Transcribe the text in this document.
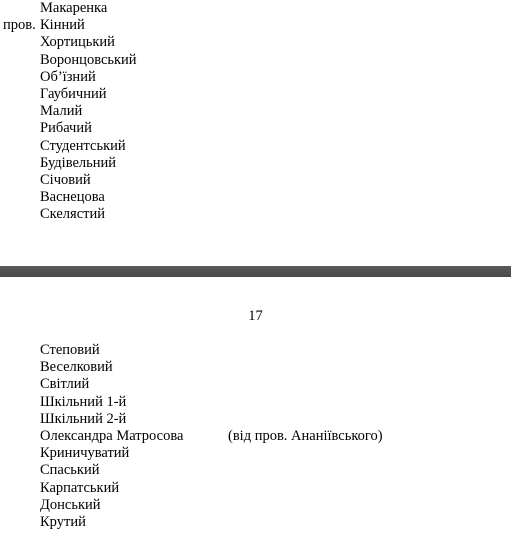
пров.
Макаренка
Кінний
Хортицький
Воронцовський
Об’їзний
Гаубичний
Малий
Рибачий
Студентський
Будівельний
Січовий
Васнецова
Скелястий
17
Степовий
Веселковий
Світлий
Шкільний 1-й
Шкільний 2-й
Олександра Матросова	(від пров. Ананіївського)
Криничуватий
Спаський
Карпатський
Донський
Крутий
